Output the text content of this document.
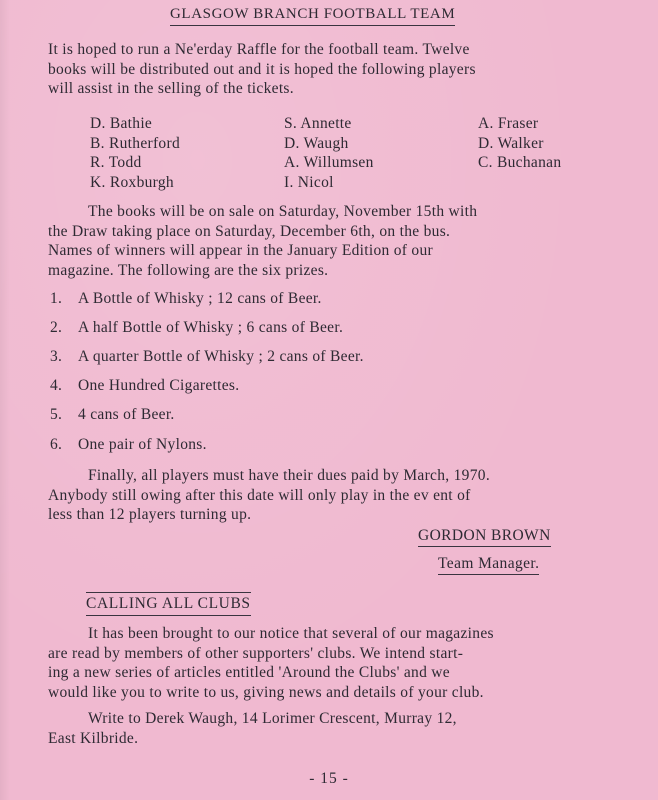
GLASGOW BRANCH FOOTBALL TEAM

It is hoped to run a Ne'erday Raffle for the football team. Twelve
books will be distributed out and it is hoped the following players
will assist in the selling of the tickets.

D. Bathie
B. Rutherford
R. Todd
K. Roxburgh
S. Annette
D. Waugh
A. Willumsen
I. Nicol
A. Fraser
D. Walker
C. Buchanan

The books will be on sale on Saturday, November 15th with
the Draw taking place on Saturday, December 6th, on the bus.
Names of winners will appear in the January Edition of our
magazine. The following are the six prizes.

1. A Bottle of Whisky ; 12 cans of Beer.
2. A half Bottle of Whisky ; 6 cans of Beer.
3. A quarter Bottle of Whisky ; 2 cans of Beer.
4. One Hundred Cigarettes.
5. 4 cans of Beer.
6. One pair of Nylons.

Finally, all players must have their dues paid by March, 1970.
Anybody still owing after this date will only play in the ev ent of
less than 12 players turning up.

GORDON BROWN
Team Manager.
CALLING ALL CLUBS

It has been brought to our notice that several of our magazines
are read by members of other supporters' clubs. We intend start-
ing a new series of articles entitled 'Around the Clubs' and we
would like you to write to us, giving news and details of your club.

Write to Derek Waugh, 14 Lorimer Crescent, Murray 12,
East Kilbride.

- 15 -
